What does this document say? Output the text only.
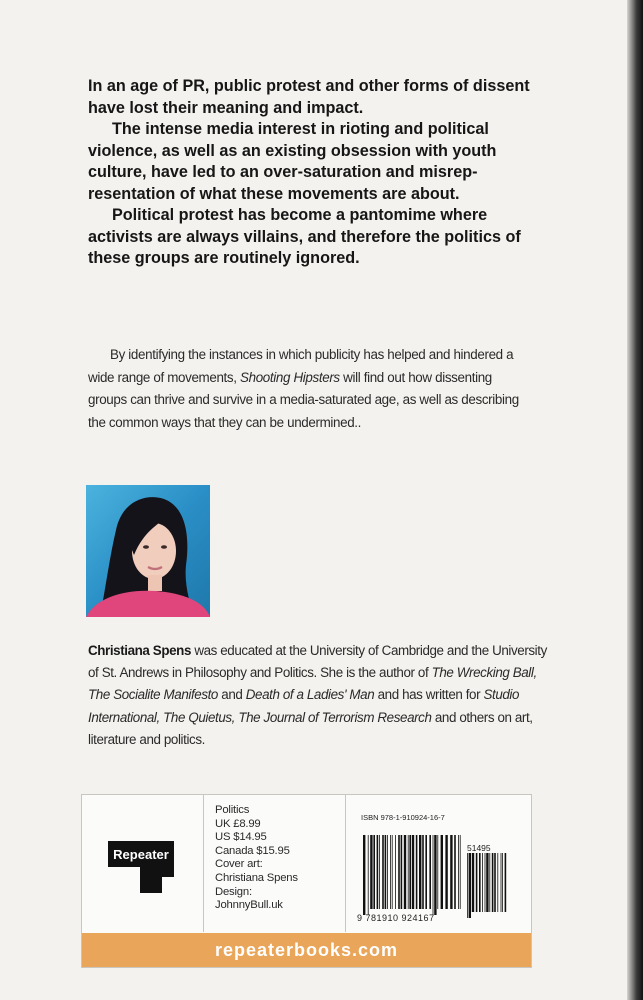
In an age of PR, public protest and other forms of dissent have lost their meaning and impact.

The intense media interest in rioting and political violence, as well as an existing obsession with youth culture, have led to an over-saturation and misrep-resentation of what these movements are about.

Political protest has become a pantomime where activists are always villains, and therefore the politics of these groups are routinely ignored.

By identifying the instances in which publicity has helped and hindered a wide range of movements, Shooting Hipsters will find out how dissenting groups can thrive and survive in a media-saturated age, as well as describing the common ways that they can be undermined..

Christiana Spens was educated at the University of Cambridge and the University of St. Andrews in Philosophy and Politics. She is the author of The Wrecking Ball, The Socialite Manifesto and Death of a Ladies' Man and has written for Studio International, The Quietus, The Journal of Terrorism Research and others on art, literature and politics.

Repeater
Politics
UK £8.99
US $14.95
Canada $15.95
Cover art:
Christiana Spens
Design:
JohnnyBull.uk
ISBN 978-1-910924-16-7
51495
9 781910 924167
repeaterbooks.com
